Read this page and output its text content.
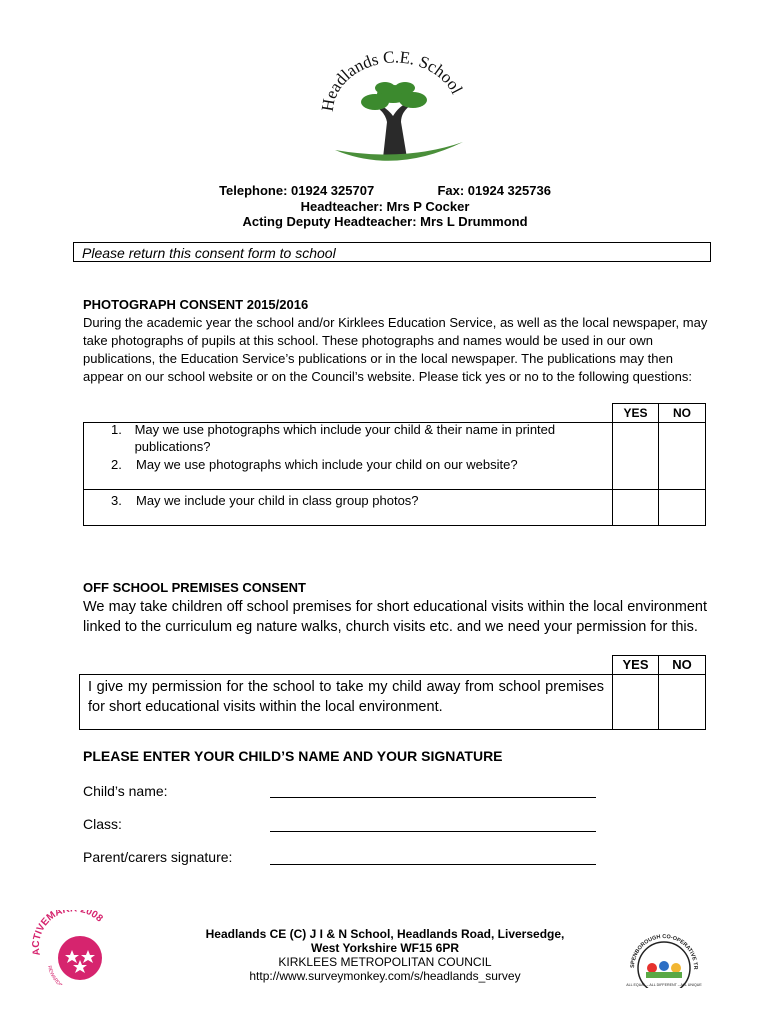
Headlands C.E. School
Telephone: 01924 325707	Fax: 01924 325736
Headteacher: Mrs P Cocker
Acting Deputy Headteacher: Mrs L Drummond
Please return this consent form to school
PHOTOGRAPH CONSENT 2015/2016
During the academic year the school and/or Kirklees Education Service, as well as the local newspaper, may take photographs of pupils at this school. These photographs and names would be used in our own publications, the Education Service’s publications or in the local newspaper. The publications may then appear on our school website or on the Council’s website. Please tick yes or no to the following questions:
YES	NO
1. May we use photographs which include your child & their name in printed publications?
2.	May we use photographs which include your child on our website?
3.	May we include your child in class group photos?
OFF SCHOOL PREMISES CONSENT
We may take children off school premises for short educational visits within the local environment linked to the curriculum eg nature walks, church visits etc. and we need your permission for this.
YES	NO
I give my permission for the school to take my child away from school premises for short educational visits within the local environment.
PLEASE ENTER YOUR CHILD’S NAME AND YOUR SIGNATURE
Child’s name:
Class:
Parent/carers signature:
ACTIVEMA 2008
REWARDI
Headlands CE (C) J I & N School, Headlands Road, Liversedge,
West Yorkshire WF15 6PR
KIRKLEES METROPOLITAN COUNCIL
http://www.surveymonkey.com/s/headlands_survey
SPENBOROUGH CO-OPERATIVE TR
ALL EQUAL – ALL DIFFERENT – ALL UNIQUE
